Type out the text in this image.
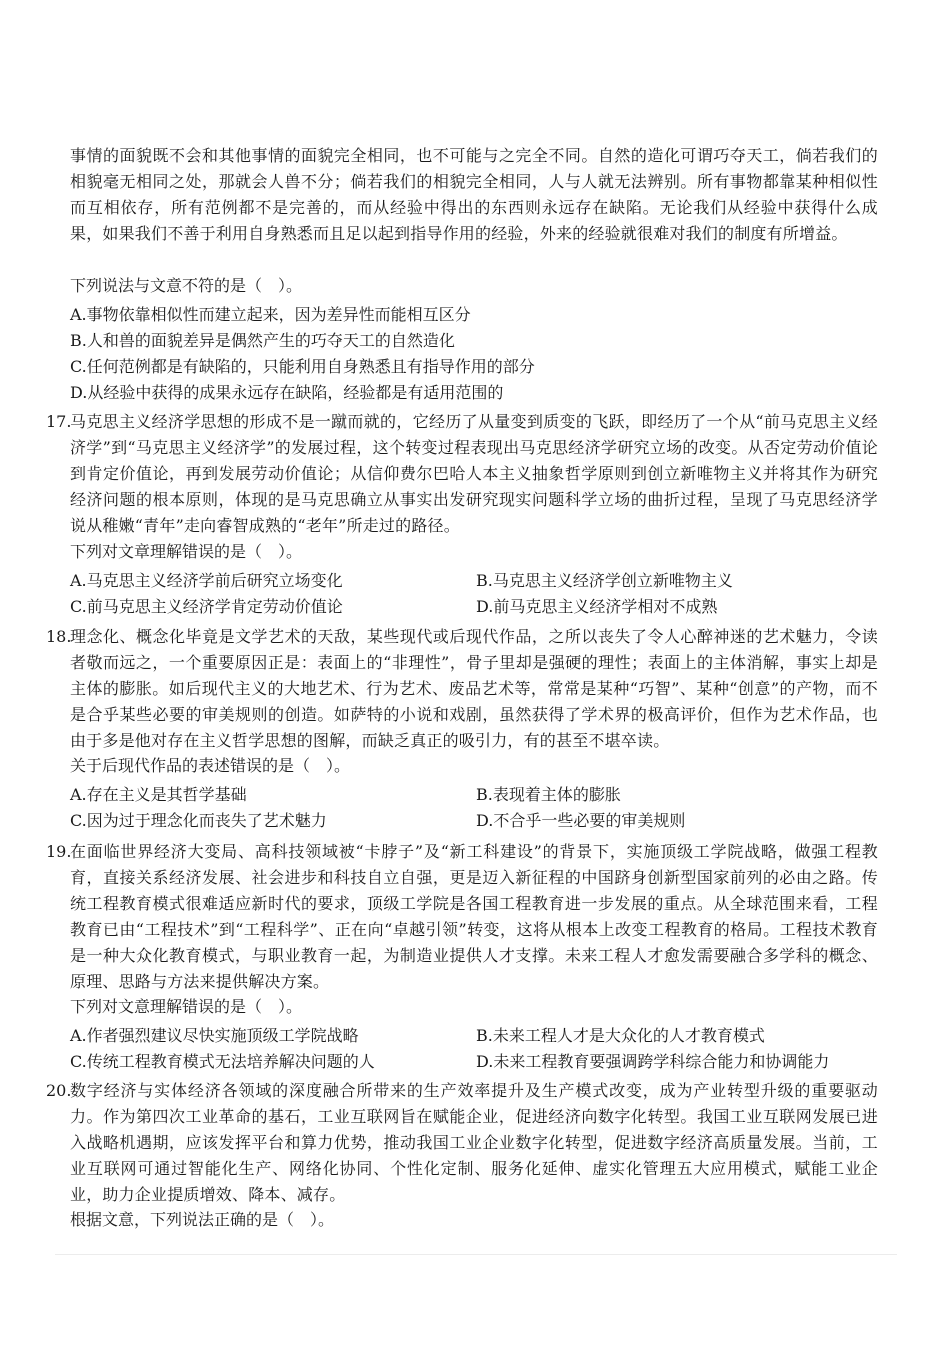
事情的面貌既不会和其他事情的面貌完全相同，也不可能与之完全不同。自然的造化可谓巧夺天工，倘若我们的相貌毫无相同之处，那就会人兽不分；倘若我们的相貌完全相同，人与人就无法辨别。所有事物都靠某种相似性而互相依存，所有范例都不是完善的，而从经验中得出的东西则永远存在缺陷。无论我们从经验中获得什么成果，如果我们不善于利用自身熟悉而且足以起到指导作用的经验，外来的经验就很难对我们的制度有所增益。

下列说法与文意不符的是（　）。

A.事物依靠相似性而建立起来，因为差异性而能相互区分

B.人和兽的面貌差异是偶然产生的巧夺天工的自然造化

C.任何范例都是有缺陷的，只能利用自身熟悉且有指导作用的部分

D.从经验中获得的成果永远存在缺陷，经验都是有适用范围的

17.

马克思主义经济学思想的形成不是一蹴而就的，它经历了从量变到质变的飞跃，即经历了一个从“前马克思主义经济学”到“马克思主义经济学”的发展过程，这个转变过程表现出马克思经济学研究立场的改变。从否定劳动价值论到肯定价值论，再到发展劳动价值论；从信仰费尔巴哈人本主义抽象哲学原则到创立新唯物主义并将其作为研究经济问题的根本原则，体现的是马克思确立从事实出发研究现实问题科学立场的曲折过程，呈现了马克思经济学说从稚嫩“青年”走向睿智成熟的“老年”所走过的路径。

下列对文章理解错误的是（　）。

A.马克思主义经济学前后研究立场变化	B.马克思主义经济学创立新唯物主义

C.前马克思主义经济学肯定劳动价值论	D.前马克思主义经济学相对不成熟

18.

理念化、概念化毕竟是文学艺术的天敌，某些现代或后现代作品，之所以丧失了令人心醉神迷的艺术魅力，令读者敬而远之，一个重要原因正是：表面上的“非理性”，骨子里却是强硬的理性；表面上的主体消解，事实上却是主体的膨胀。如后现代主义的大地艺术、行为艺术、废品艺术等，常常是某种“巧智”、某种“创意”的产物，而不是合乎某些必要的审美规则的创造。如萨特的小说和戏剧，虽然获得了学术界的极高评价，但作为艺术作品，也由于多是他对存在主义哲学思想的图解，而缺乏真正的吸引力，有的甚至不堪卒读。

关于后现代作品的表述错误的是（　）。

A.存在主义是其哲学基础	B.表现着主体的膨胀

C.因为过于理念化而丧失了艺术魅力	D.不合乎一些必要的审美规则

19.

在面临世界经济大变局、高科技领域被“卡脖子”及“新工科建设”的背景下，实施顶级工学院战略，做强工程教育，直接关系经济发展、社会进步和科技自立自强，更是迈入新征程的中国跻身创新型国家前列的必由之路。传统工程教育模式很难适应新时代的要求，顶级工学院是各国工程教育进一步发展的重点。从全球范围来看，工程教育已由“工程技术”到“工程科学”、正在向“卓越引领”转变，这将从根本上改变工程教育的格局。工程技术教育是一种大众化教育模式，与职业教育一起，为制造业提供人才支撑。未来工程人才愈发需要融合多学科的概念、原理、思路与方法来提供解决方案。

下列对文意理解错误的是（　）。

A.作者强烈建议尽快实施顶级工学院战略	B.未来工程人才是大众化的人才教育模式

C.传统工程教育模式无法培养解决问题的人	D.未来工程教育要强调跨学科综合能力和协调能力

20.

数字经济与实体经济各领域的深度融合所带来的生产效率提升及生产模式改变，成为产业转型升级的重要驱动力。作为第四次工业革命的基石，工业互联网旨在赋能企业，促进经济向数字化转型。我国工业互联网发展已进入战略机遇期，应该发挥平台和算力优势，推动我国工业企业数字化转型，促进数字经济高质量发展。当前，工业互联网可通过智能化生产、网络化协同、个性化定制、服务化延伸、虚实化管理五大应用模式，赋能工业企业，助力企业提质增效、降本、减存。

根据文意，下列说法正确的是（　）。
